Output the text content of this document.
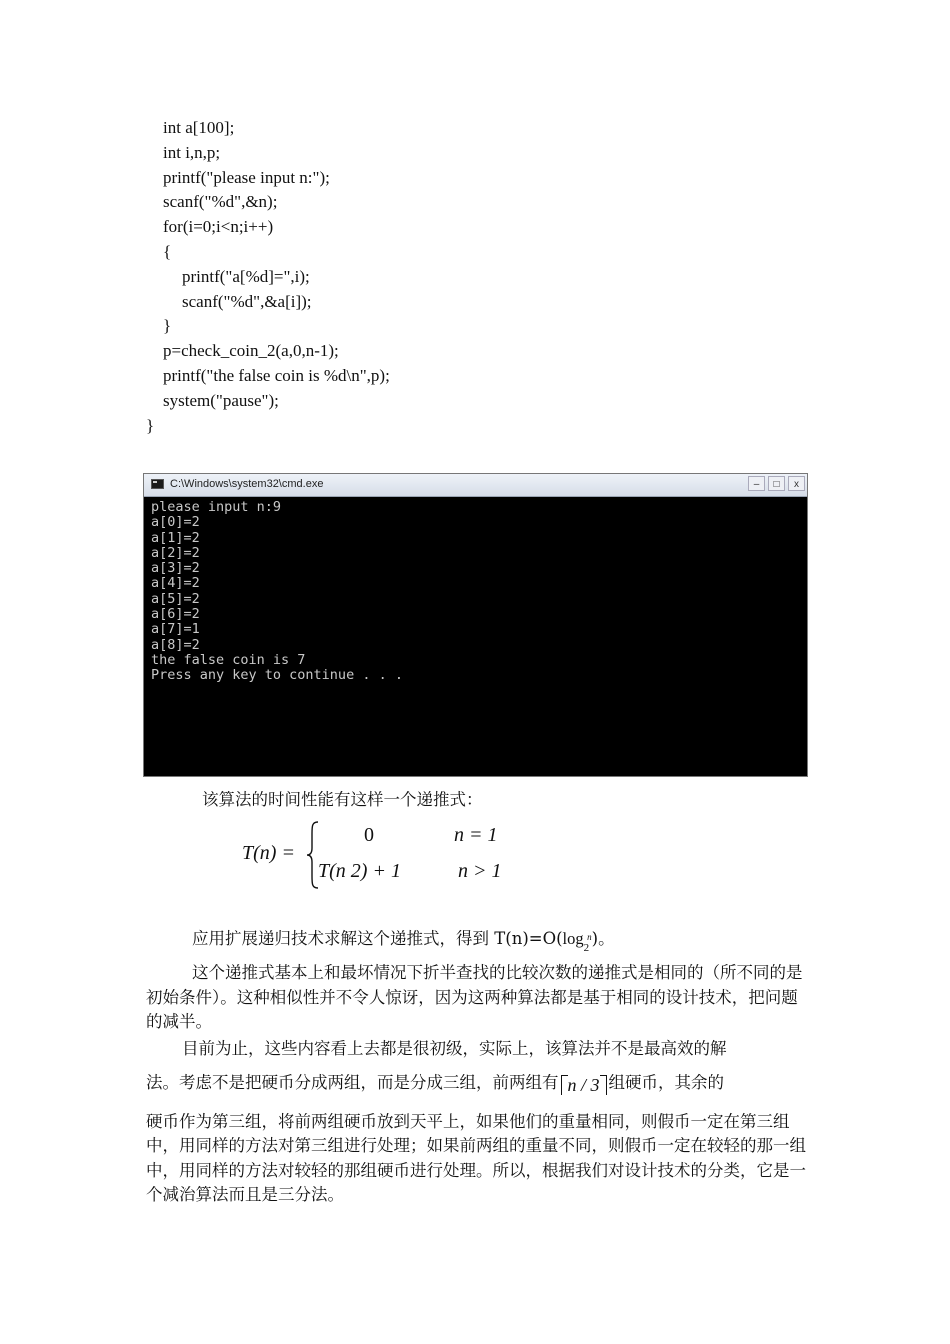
int a[100];
int i,n,p;
printf("please input n:");
scanf("%d",&n);
for(i=0;i<n;i++)
{
printf("a[%d]=",i);
scanf("%d",&a[i]);
}
p=check_coin_2(a,0,n-1);
printf("the false coin is %d\n",p);
system("pause");
}
C:\Windows\system32\cmd.exe	–	□	x
please input n:9
a[0]=2
a[1]=2
a[2]=2
a[3]=2
a[4]=2
a[5]=2
a[6]=2
a[7]=1
a[8]=2
the false coin is 7
Press any key to continue . . .
该算法的时间性能有这样一个递推式：
T(n) =
0
T(n 2) + 1
n = 1
n > 1
应用扩展递归技术求解这个递推式，得到 $T(n)=O(\log_2^n)$。
这个递推式基本上和最坏情况下折半查找的比较次数的递推式是相同的（所不同的是初始条件）。这种相似性并不令人惊讶，因为这两种算法都是基于相同的设计技术，把问题的减半。
目前为止，这些内容看上去都是很初级，实际上，该算法并不是最高效的解
法。考虑不是把硬币分成两组，而是分成三组，前两组有 n / 3 组硬币，其余的
硬币作为第三组，将前两组硬币放到天平上，如果他们的重量相同，则假币一定在第三组中，用同样的方法对第三组进行处理；如果前两组的重量不同，则假币一定在较轻的那一组中，用同样的方法对较轻的那组硬币进行处理。所以，根据我们对设计技术的分类，它是一个减治算法而且是三分法。
